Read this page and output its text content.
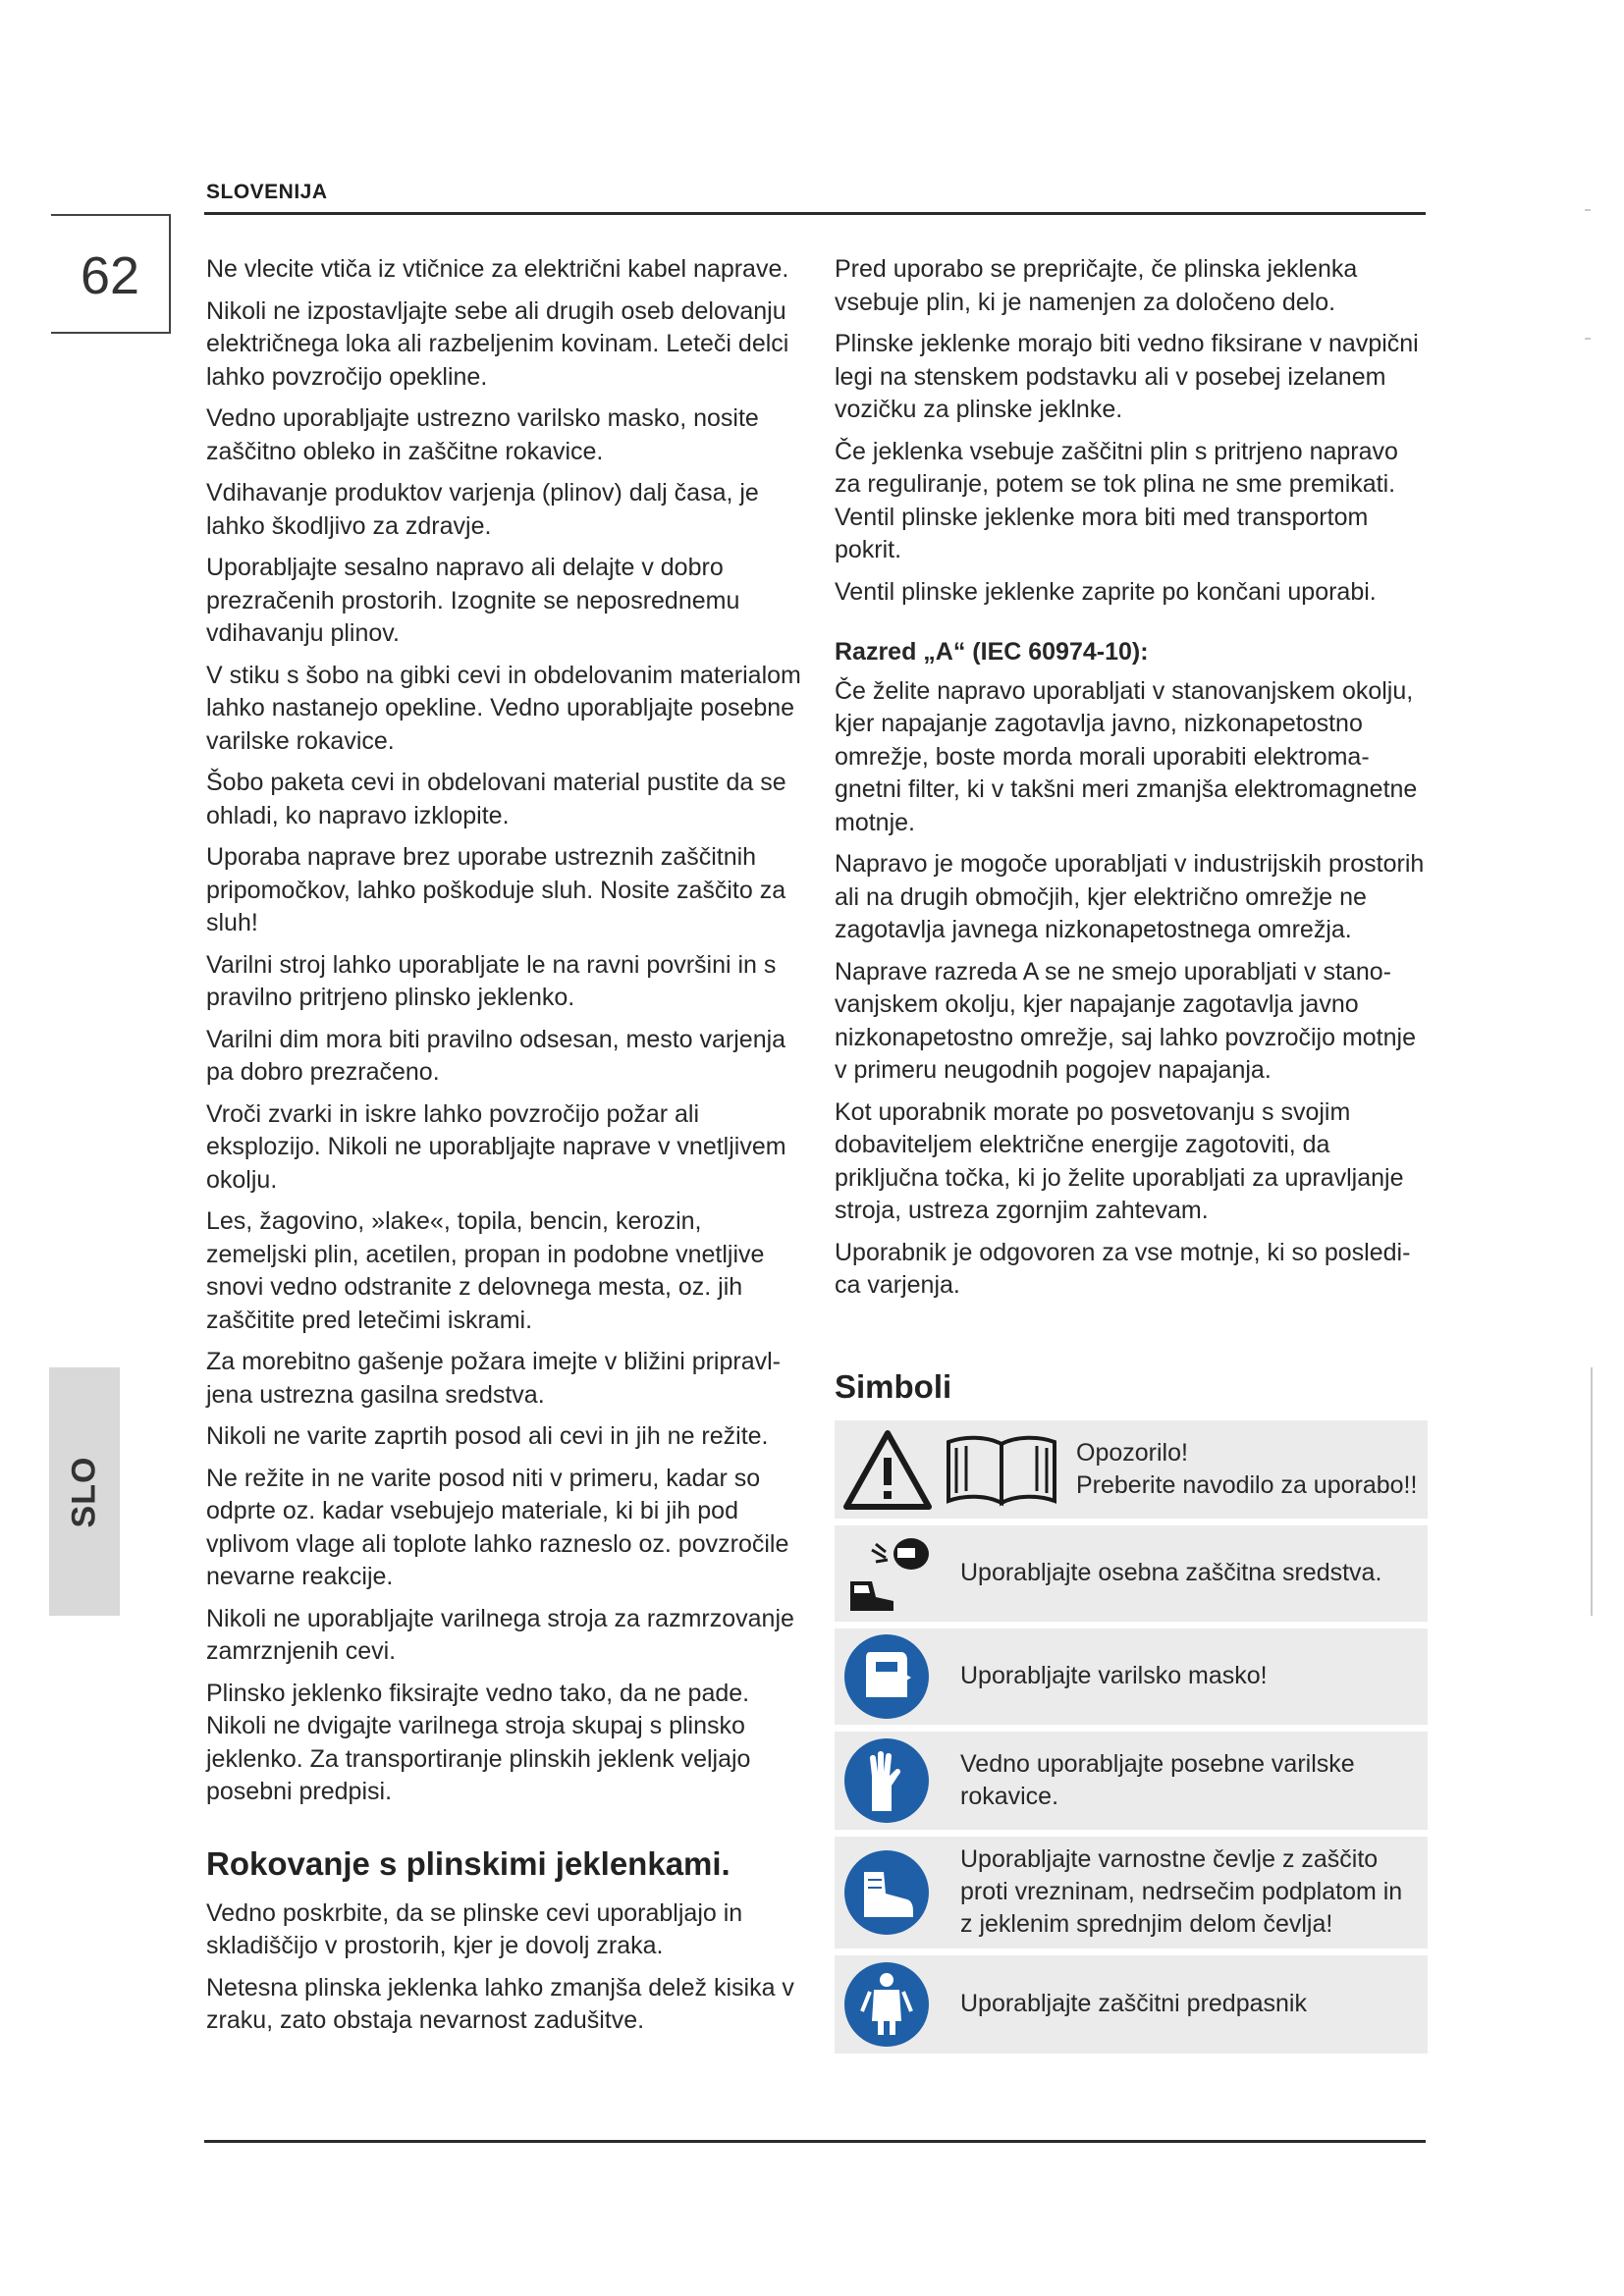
SLOVENIJA
62
SLO

Ne vlecite vtiča iz vtičnice za električni kabel naprave.

Nikoli ne izpostavljajte sebe ali drugih oseb delovanju električnega loka ali razbeljenim kovinam. Leteči delci lahko povzročijo opekline.

Vedno uporabljajte ustrezno varilsko masko, nosite zaščitno obleko in zaščitne rokavice.

Vdihavanje produktov varjenja (plinov) dalj časa, je lahko škodljivo za zdravje.

Uporabljajte sesalno napravo ali delajte v dobro prezračenih prostorih. Izognite se neposrednemu vdihavanju plinov.

V stiku s šobo na gibki cevi in obdelovanim materialom lahko nastanejo opekline. Vedno uporabljajte posebne varilske rokavice.

Šobo paketa cevi in obdelovani material pustite da se ohladi, ko napravo izklopite.

Uporaba naprave brez uporabe ustreznih zaščitnih pripomočkov, lahko poškoduje sluh. Nosite zaščito za sluh!

Varilni stroj lahko uporabljate le na ravni površini in s pravilno pritrjeno plinsko jeklenko.

Varilni dim mora biti pravilno odsesan, mesto varjenja pa dobro prezračeno.

Vroči zvarki in iskre lahko povzročijo požar ali eksplozijo. Nikoli ne uporabljajte naprave v vnetljivem okolju.

Les, žagovino, »lake«, topila, bencin, kerozin, zemeljski plin, acetilen, propan in podobne vnetljive snovi vedno odstranite z delovnega mesta, oz. jih zaščitite pred letečimi iskrami.

Za morebitno gašenje požara imejte v bližini pripravljena ustrezna gasilna sredstva.

Nikoli ne varite zaprtih posod ali cevi in jih ne režite.

Ne režite in ne varite posod niti v primeru, kadar so odprte oz. kadar vsebujejo materiale, ki bi jih pod vplivom vlage ali toplote lahko razneslo oz. povzročile nevarne reakcije.

Nikoli ne uporabljajte varilnega stroja za razmrzovanje zamrznjenih cevi.

Plinsko jeklenko fiksirajte vedno tako, da ne pade. Nikoli ne dvigajte varilnega stroja skupaj s plinsko jeklenko. Za transportiranje plinskih jeklenk veljajo posebni predpisi.

Rokovanje s plinskimi jeklenkami.

Vedno poskrbite, da se plinske cevi uporabljajo in skladiščijo v prostorih, kjer je dovolj zraka.

Netesna plinska jeklenka lahko zmanjša delež kisika v zraku, zato obstaja nevarnost zadušitve.

Pred uporabo se prepričajte, če plinska jeklenka vsebuje plin, ki je namenjen za določeno delo.

Plinske jeklenke morajo biti vedno fiksirane v navpični legi na stenskem podstavku ali v posebej izelanem vozičku za plinske jeklnke.

Če jeklenka vsebuje zaščitni plin s pritrjeno napravo za reguliranje, potem se tok plina ne sme premikati. Ventil plinske jeklenke mora biti med transportom pokrit.

Ventil plinske jeklenke zaprite po končani uporabi.

Razred „A“ (IEC 60974-10):

Če želite napravo uporabljati v stanovanjskem okolju, kjer napajanje zagotavlja javno, nizkonapetostno omrežje, boste morda morali uporabiti elektromagnetni filter, ki v takšni meri zmanjša elektromagnetne motnje.

Napravo je mogoče uporabljati v industrijskih prostorih ali na drugih območjih, kjer električno omrežje ne zagotavlja javnega nizkonapetostnega omrežja.

Naprave razreda A se ne smejo uporabljati v stanovanjskem okolju, kjer napajanje zagotavlja javno nizkonapetostno omrežje, saj lahko povzročijo motnje v primeru neugodnih pogojev napajanja.

Kot uporabnik morate po posvetovanju s svojim dobaviteljem električne energije zagotoviti, da priključna točka, ki jo želite uporabljati za upravljanje stroja, ustreza zgornjim zahtevam.

Uporabnik je odgovoren za vse motnje, ki so posledica varjenja.

Simboli
Opozorilo!
Preberite navodilo za uporabo!!
Uporabljajte osebna zaščitna sredstva.
Uporabljajte varilsko masko!
Vedno uporabljajte posebne varilske rokavice.
Uporabljajte varnostne čevlje z zaščito proti vrezninam, nedrsečim podplatom in z jeklenim sprednjim delom čevlja!
Uporabljajte zaščitni predpasnik
